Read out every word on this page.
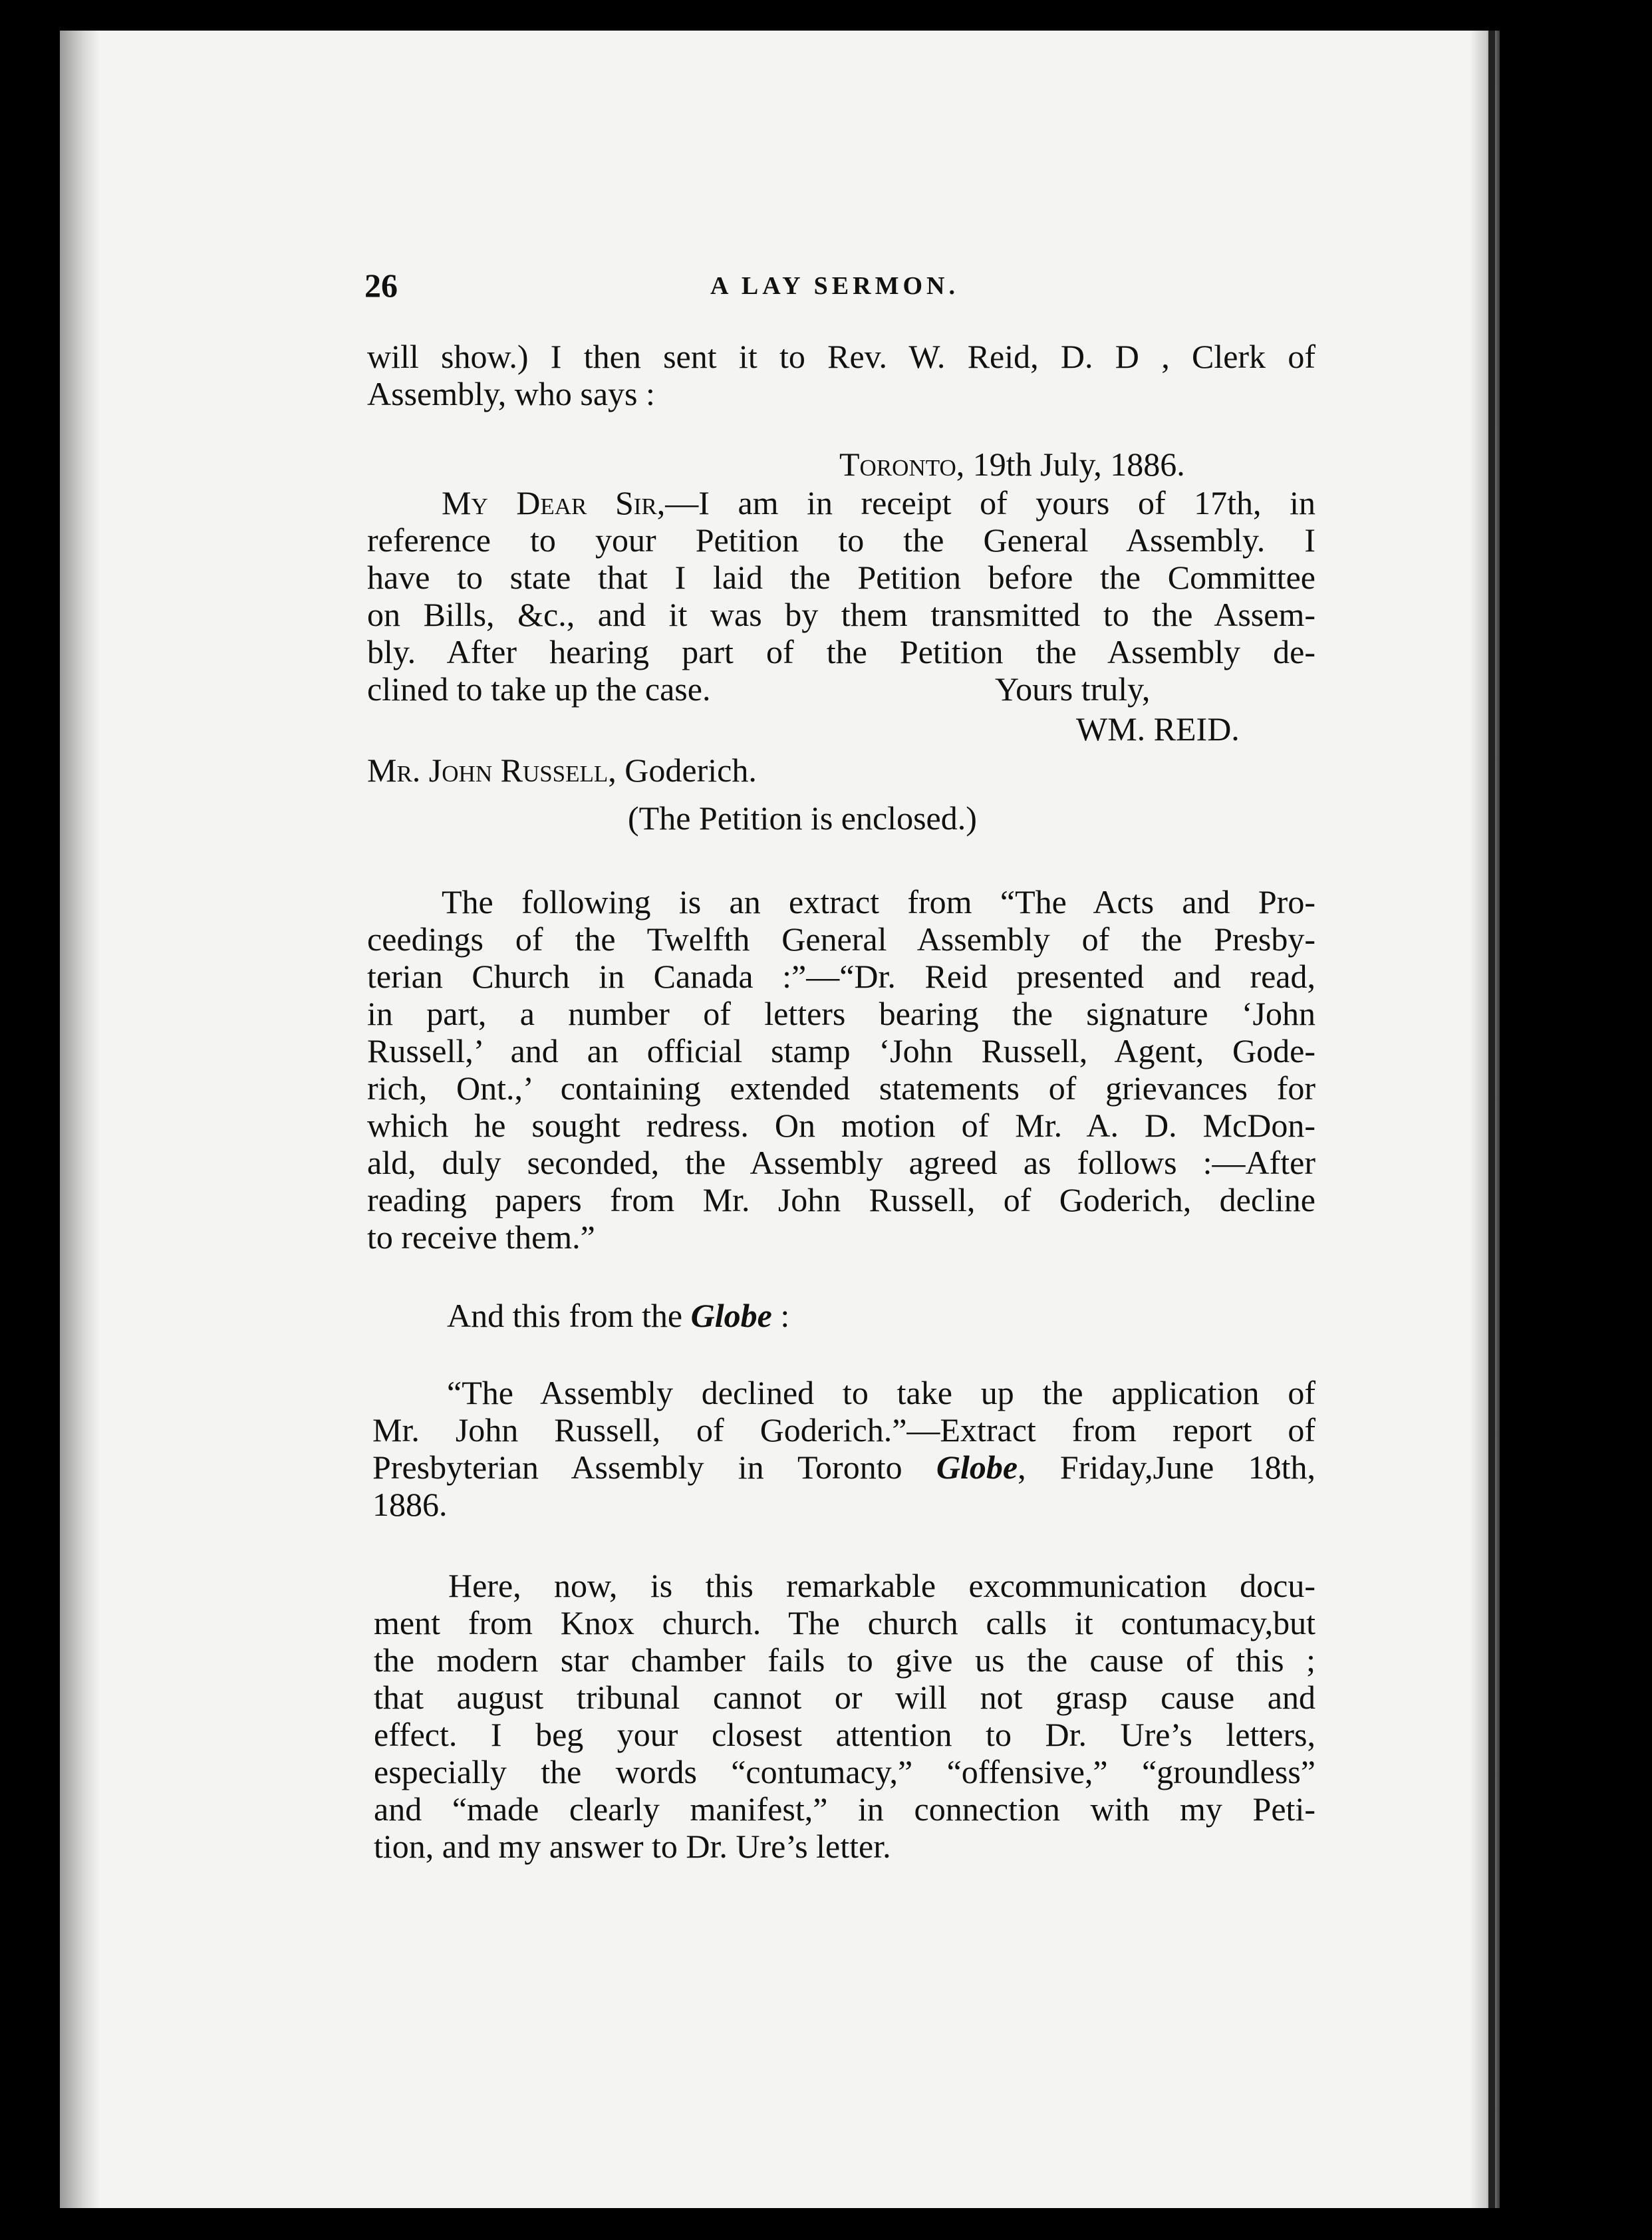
26	A LAY SERMON.
will show.) I then sent it to Rev. W. Reid, D. D , Clerk of
Assembly, who says :
Toronto, 19th July, 1886.
My Dear Sir,—I am in receipt of yours of 17th, in
reference to your Petition to the General Assembly. I
have to state that I laid the Petition before the Committee
on Bills, &c., and it was by them transmitted to the Assem-
bly. After hearing part of the Petition the Assembly de-
clined to take up the case.	Yours truly,
WM. REID.
Mr. John Russell, Goderich.
(The Petition is enclosed.)
The following is an extract from “The Acts and Pro-
ceedings of the Twelfth General Assembly of the Presby-
terian Church in Canada :”—“Dr. Reid presented and read,
in part, a number of letters bearing the signature ‘John
Russell,’ and an official stamp ‘John Russell, Agent, Gode-
rich, Ont.,’ containing extended statements of grievances for
which he sought redress. On motion of Mr. A. D. McDon-
ald, duly seconded, the Assembly agreed as follows :—After
reading papers from Mr. John Russell, of Goderich, decline
to receive them.”
And this from the Globe :
“The Assembly declined to take up the application of
Mr. John Russell, of Goderich.”—Extract from report of
Presbyterian Assembly in Toronto Globe, Friday,June 18th,
1886.
Here, now, is this remarkable excommunication docu-
ment from Knox church. The church calls it contumacy,but
the modern star chamber fails to give us the cause of this ;
that august tribunal cannot or will not grasp cause and
effect. I beg your closest attention to Dr. Ure’s letters,
especially the words “contumacy,” “offensive,” “groundless”
and “made clearly manifest,” in connection with my Peti-
tion, and my answer to Dr. Ure’s letter.
